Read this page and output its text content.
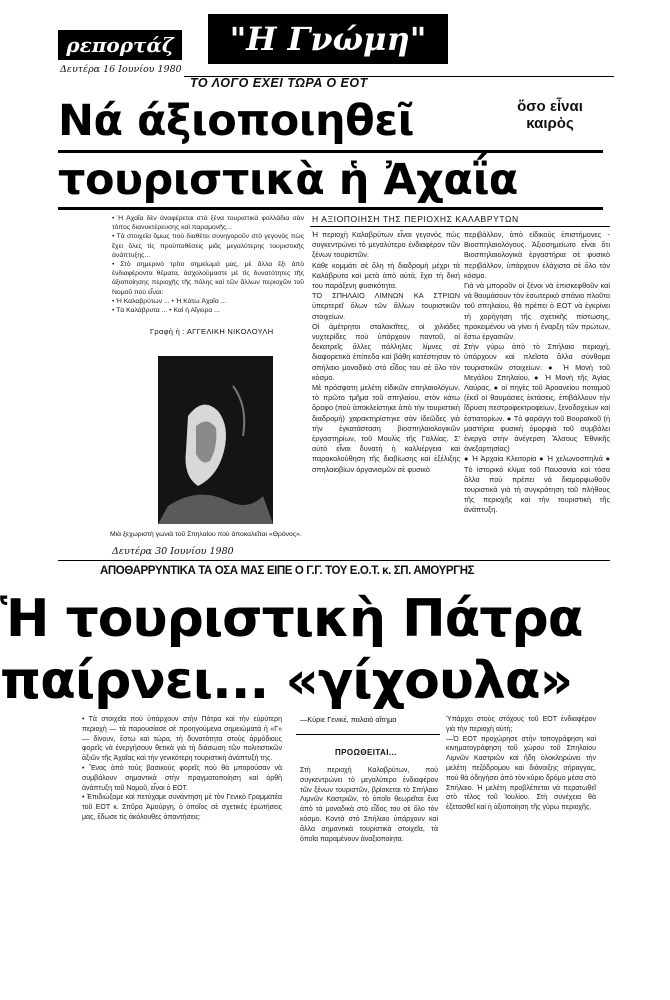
ρεπορτάζ	"Η Γνώμη"
Δευτέρα 16 Ιουνίου 1980
ΤΟ ΛΟΓΟ ΕΧΕΙ ΤΩΡΑ Ο ΕΟΤ
Νά άξιοποιηθεῖ	ὅσο εἶναι
καιρὸς
τουριστικὰ ἡ Ἀχαΐα
• Ἡ Ἀχαΐα δὲν ἀναφέρεται στὰ ξένα τουριστικὰ φολλάδια σὰν τόπος διανυκτέρευσης καὶ παραμονῆς...
• Τὰ στοιχεῖα ὅμως ποὺ διαθέτει συνηγοροῦν στὸ γεγονὸς πὼς ἔχει ὅλες τὶς προϋποθέσεις μιᾶς μεγαλύτερης τουριστικῆς ἀνάπτυξης...
• Στὸ σημερινὸ τρίτο σημείωμά μας, μὲ ἄλλα ἔξι ἀπὸ ἐνδιαφέροντα θέματα, ἀσχολούμαστε μὲ τὶς δυνατότητες τῆς ἀξιοποίησης περιοχῆς τῆς πόλης καὶ τῶν ἄλλων περιοχῶν τοῦ Νομοῦ ποὺ εἶναι:
• Ἡ Καλαβρύτων ... • Ἡ Κάτω Ἀχαΐα ...
• Τὰ Καλάβρυτα ... • Καὶ ἡ Αἴγειρα ...
Γραφὴ ἡ : ΑΓΓΕΛΙΚΗ ΝΙΚΟΛΟΥΛΗ
Μιὰ ξεχωριστὴ γωνιὰ τοῦ Σπηλαίου ποὺ ἀποκαλεῖται «Θρόνος».
Η ΑΞΙΟΠΟΙΗΣΗ ΤΗΣ ΠΕΡΙΟΧΗΣ ΚΑΛΑΒΡΥΤΩΝ
Ἡ περιοχὴ Καλαβρύτων εἶναι γεγονὸς πὼς συγκεντρώνει τὸ μεγαλύτερο ἐνδιαφέρον τῶν ξένων τουριστῶν.
Κάθε κομμάτι σὲ ὅλη τὴ διαδρομὴ μέχρι τὰ Καλάβρυτα καὶ μετὰ ἀπὸ αὐτά, ἔχει τὴ δική του παράξενη φυσικότητα.
ΤΟ ΣΠΗΛΑΙΟ ΛΙΜΝΩΝ ΚΑ ΣΤΡΙΩΝ ὑπερτερεῖ ὅλων τῶν ἄλλων τουριστικῶν στοιχείων.
Οἱ ἀμέτρητοι σταλακτῖτες, οἱ χιλιάδες νυχτερίδες ποὺ ὑπάρχουν παντοῦ, οἱ δεκατρεῖς ἄλλες πάλληλες λίμνες σὲ διαφορετικὰ ἐπίπεδα καὶ βάθη κατέστησαν τὸ σπήλαιο μοναδικὸ στὸ εἶδος του σὲ ὅλο τὸν κόσμο.
Μὲ πρόσφατη μελέτη εἰδικῶν σπηλαιολόγων, τὸ πρῶτο τμῆμα τοῦ σπηλαίου, στὸν κάτω ὄροφο (ποὺ ἀποκλείστηκε ἀπὸ τὴν τουριστικὴ διαδρομὴ) χαρακτηρίστηκε σὰν ἰδεῶδες γιὰ τὴν ἐγκατάσταση βιοσπηλαιολογικῶν ἐργαστηρίων, τοῦ Μουλὶς τῆς Γαλλίας. Σ' αὐτὸ εἶναι δυνατὴ ἡ καλλιέργεια καὶ παρακολούθηση τῆς διαβίωσης καὶ ἐξέλιξης σπηλαιοβίων ὀργανισμῶν σὲ φυσικὸ
περιβάλλον, ἀπὸ εἰδικοὺς ἐπιστήμονες - Βιοσπηλαιολόγους. Ἀξιοσημείωτο εἶναι ὅτι Βιοσπηλαιολογικὰ ἐργαστήρια σὲ φυσικὸ περιβάλλον, ὑπάρχουν ἐλάχιστα σὲ ὅλο τὸν κόσμο.
Γιὰ νὰ μποροῦν οἱ ξένοι νὰ ἐπισκεφθοῦν καὶ νὰ θαυμάσουν τὸν ἐσωτερικὸ σπάνιο πλοῦτο τοῦ σπηλαίου, θὰ πρέπει ὁ ΕΟΤ νὰ ἐγκρίνει τὴ χορήγηση τῆς σχετικῆς πίστωσης, προκειμένου νὰ γίνει ἡ ἔναρξη τῶν πρώτων, ἔστω ἐργασιῶν.
Στὴν γύρω ἀπὸ τὸ Σπήλαιο περιοχή, ὑπάρχουν καὶ πλεῖστα ἄλλα σύνθομα τουριστικῶν στοιχείων: ● Ἡ Μονὴ τοῦ Μεγάλου Σπηλαίου, ● Ἡ Μονὴ τῆς Ἁγίας Λαύρας, ● οἱ πηγὲς τοῦ Ἀροανείου ποταμοῦ (ἐκεῖ οἱ θαυμάσιες ἐκτάσεις, ἐπιβάλλουν τὴν ἵδρυση πεστροφεκτροφείων, ξενοδοχείων καὶ ἑστιατορίων. ● Τὸ φαράγγι τοῦ Βουραϊκοῦ (ἡ μαστήρια φυσικὴ ὁμορφιὰ τοῦ συμβάλει ἐνεργὰ στὴν ἀνέγερση Ἄλσους Ἐθνικῆς ἀνεξαρτησίας)
● Ἡ Ἀρχαία Κλειτορία ● Ἡ χελωνοσπηλιά ● Τὸ ἱστορικὸ κλίμα τοῦ Παυσανία καὶ τόσα ἄλλα ποὺ πρέπει νὰ διαμορφωθοῦν τουριστικὰ γιὰ τὴ συγκράτηση τοῦ πλήθους τῆς περιοχῆς καὶ τὴν τουριστικὴ τῆς ἀνάπτυξη.
Δευτέρα 30 Ιουνίου 1980
ΑΠΟΘΑΡΡΥΝΤΙΚΑ ΤΑ ΟΣΑ ΜΑΣ ΕΙΠΕ Ο Γ.Γ. ΤΟΥ Ε.Ο.Τ. κ. ΣΠ. ΑΜΟΥΡΓΗΣ
Ἡ τουριστικὴ Πάτρα
παίρνει... «γίχουλα»
• Τὰ στοιχεῖα ποὺ ὑπάρχουν στὴν Πάτρα καὶ τὴν εὐρύτερη περιοχὴ — τὰ παρουσίασε σὲ προηγούμενα σημειώματά ἡ «Γ» — δίνουν, ἔστω καὶ τώρα, τὴ δυνατότητα στοὺς ἁρμόδιους φορεῖς νὰ ἐνεργήσουν θετικὰ γιὰ τὴ διάσωση τῶν πολιτιστικῶν ἀξιῶν τῆς Ἀχαΐας καὶ τὴν γενικότερη τουριστικὴ ἀνάπτυξή της.
• Ἕνας ἀπὸ τοὺς βασικοὺς φορεῖς ποὺ θὰ μπορούσαν νὰ συμβάλουν σημαντικὰ στὴν πραγματοποίηση καὶ ὀρθὴ ἀνάπτυξη τοῦ Νομοῦ, εἶναι ὁ ΕΟΤ.
• Ἐπιδιώξαμε καὶ πετύχαμε συνάντηση μὲ τὸν Γενικὸ Γραμματέα τοῦ ΕΟΤ κ. Σπῦρο Ἀμούργη, ὁ ὁποῖος σὲ σχετικὲς ἐρωτήσεις μας, ἔδωσε τὶς ἀκόλουθες ἀπαντήσεις:
—Κύριε Γενικέ, παλαιὸ αἴτημα
ΠΡΟΩΘΕΙΤΑΙ...
Στὴ περιοχὴ Καλαβρύτων, ποὺ συγκεντρώνει τὸ μεγαλύτερο ἐνδιαφέρον τῶν ξένων τουριστῶν, βρίσκεται τὸ Σπήλαιο Λιμνῶν Καστριῶν, τὸ ὁποῖο θεωρεῖται ἕνα ἀπὸ τὰ μοναδικὰ στὸ εἶδος του σὲ ὅλο τὸν κόσμο. Κοντὰ στὸ Σπήλαιο ὑπάρχουν καὶ ἄλλα σημαντικὰ τουριστικὰ στοιχεῖα, τὰ ὁποῖα παραμένουν ἀναξιοποίητα.
Ὑπάρχει στοὺς στόχους τοῦ ΕΟΤ ἐνδιαφέρον γιὰ τὴν περιοχὴ αὐτή;
—Ὁ ΕΟΤ προχώρησε στὴν τοπογράφηση καὶ κινηματογράφηση τοῦ χώρου τοῦ Σπηλαίου Λιμνῶν Καστριῶν καὶ ἤδη ὁλοκληρώνει τὴν μελέτη πεζόδρομου καὶ διάνοιξης σήραγγας, ποὺ θὰ ὁδηγήσει ἀπὸ τὸν κύριο δρόμο μέσα στὸ Σπήλαιο. Ἡ μελέτη προβλέπεται νὰ περατωθεῖ στὸ τέλος τοῦ Ἰουλίου. Στὴ συνέχεια θὰ ἐξετασθεῖ καὶ ἡ ἀξιοποίηση τῆς γύρω περιοχῆς.
